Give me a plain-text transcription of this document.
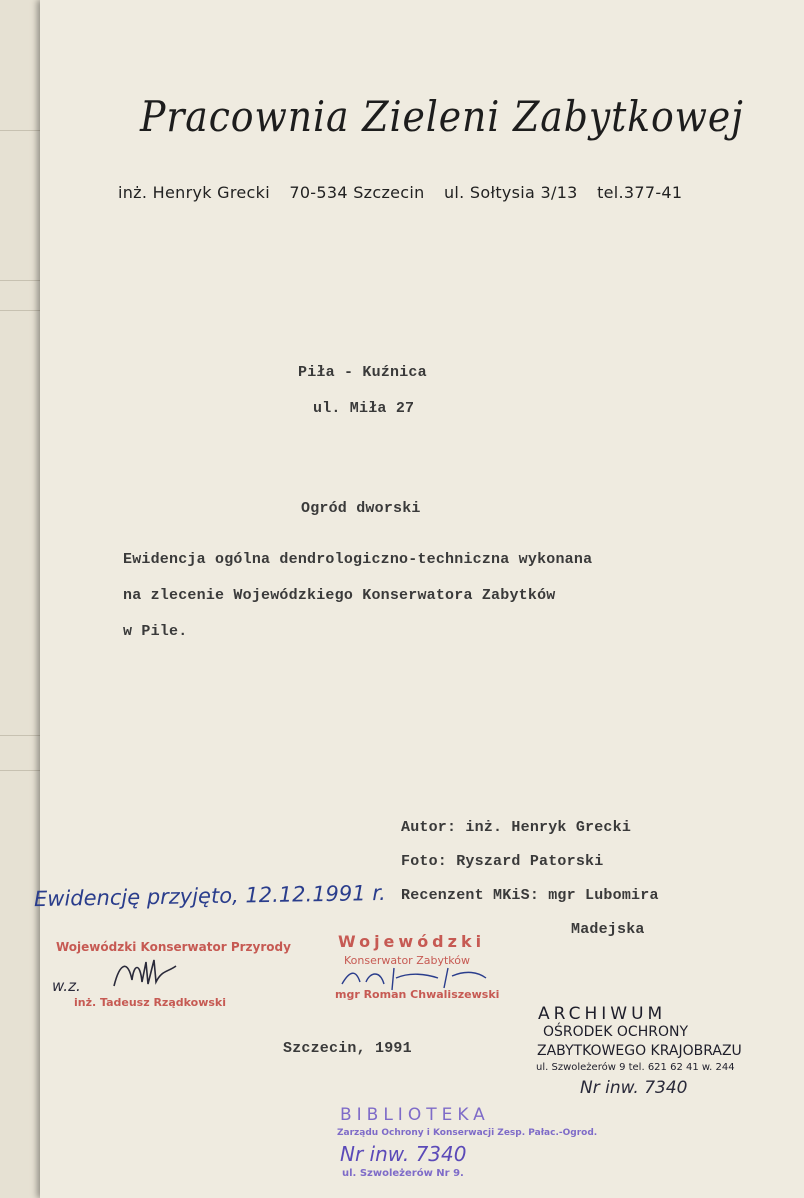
Pracownia Zieleni Zabytkowej
inż. Henryk Grecki 70-534 Szczecin ul. Sołtysia 3/13 tel.377-41
Piła - Kuźnica
ul. Miła 27
Ogród dworski
Ewidencja ogólna dendrologiczno-techniczna wykonana
na zlecenie Wojewódzkiego Konserwatora Zabytków
w Pile.
Autor: inż. Henryk Grecki
Foto: Ryszard Patorski
Recenzent MKiS: mgr Lubomira
Madejska
Ewidencję przyjęto, 12.12.1991 r.
Wojewódzki Konserwator Przyrody
w.z.
inż. Tadeusz Rządkowski
Wojewódzki
Konserwator Zabytków
mgr Roman Chwaliszewski
ARCHIWUM
OŚRODEK OCHRONY
ZABYTKOWEGO KRAJOBRAZU
ul. Szwoleżerów 9 tel. 621 62 41 w. 244
Nr inw. 7340
Szczecin, 1991
BIBLIOTEKA
Zarządu Ochrony i Konserwacji Zesp. Pałac.-Ogrod.
Nr inw. 7340
ul. Szwoleżerów Nr 9.
